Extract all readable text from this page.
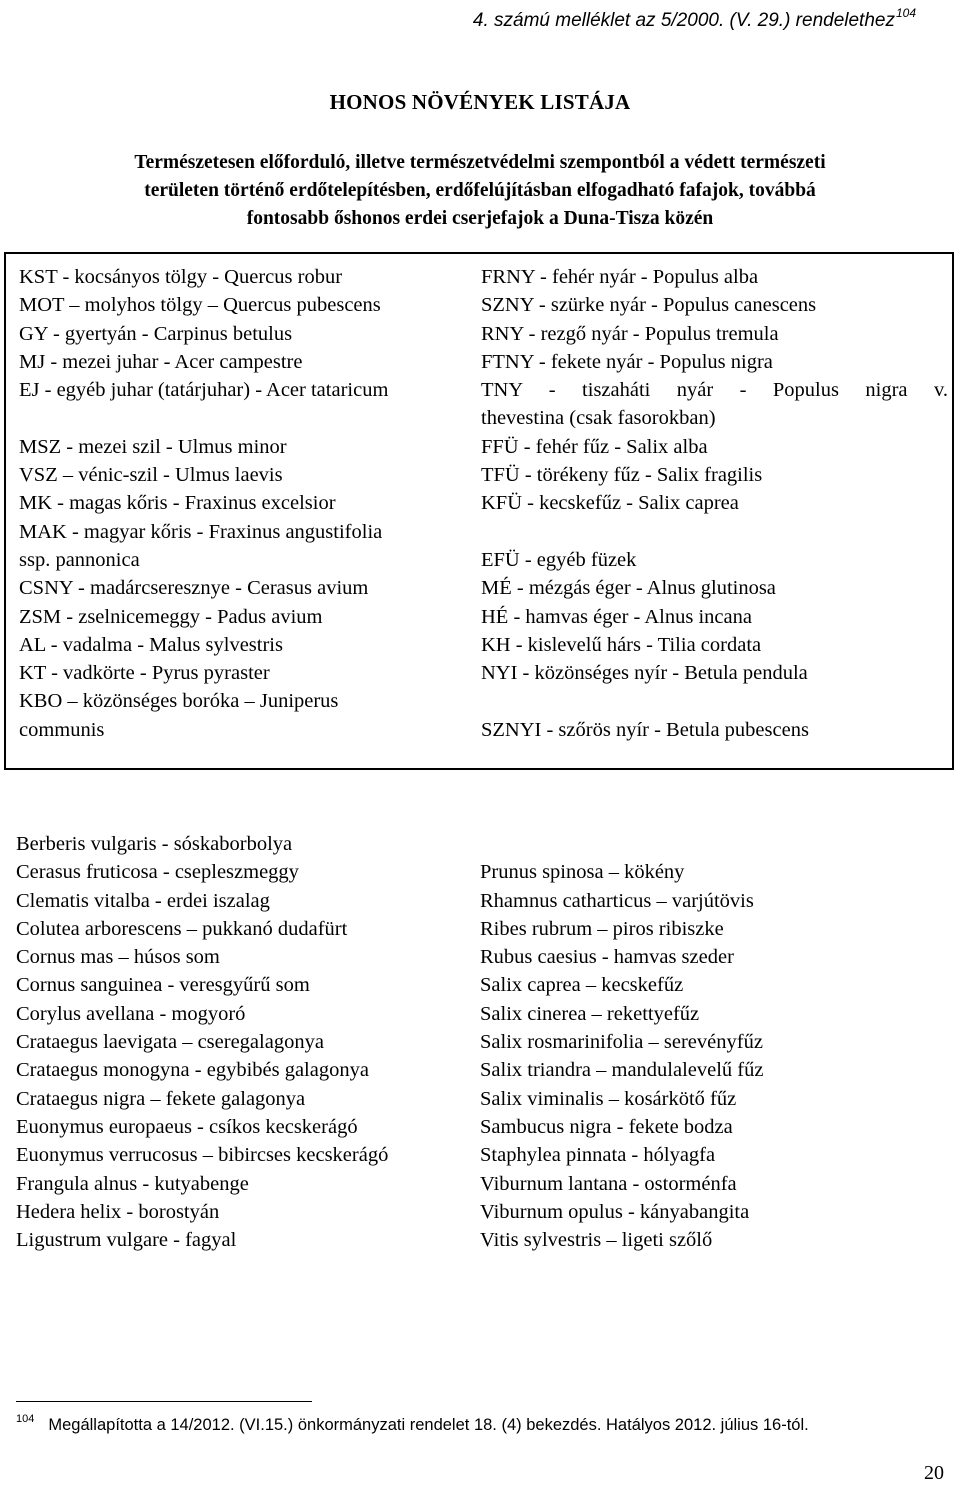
4. számú melléklet az 5/2000. (V. 29.) rendelethez$^{104}$
HONOS NÖVÉNYEK LISTÁJA
Természetesen előforduló, illetve természetvédelmi szempontból a védett természeti
területen történő erdőtelepítésben, erdőfelújításban elfogadható fafajok, továbbá
fontosabb őshonos erdei cserjefajok a Duna-Tisza közén
KST - kocsányos tölgy - Quercus robur
MOT – molyhos tölgy – Quercus pubescens
GY - gyertyán - Carpinus betulus
MJ - mezei juhar - Acer campestre
EJ - egyéb juhar (tatárjuhar) - Acer tataricum
MSZ - mezei szil - Ulmus minor
VSZ – vénic-szil - Ulmus laevis
MK - magas kőris - Fraxinus excelsior
MAK - magyar kőris - Fraxinus angustifolia
ssp. pannonica
CSNY - madárcseresznye - Cerasus avium
ZSM - zselnicemeggy - Padus avium
AL - vadalma - Malus sylvestris
KT - vadkörte - Pyrus pyraster
KBO – közönséges boróka – Juniperus
communis
FRNY - fehér nyár - Populus alba
SZNY - szürke nyár - Populus canescens
RNY - rezgő nyár - Populus tremula
FTNY - fekete nyár - Populus nigra
TNY - tiszaháti nyár - Populus nigra v.
thevestina (csak fasorokban)
FFÜ - fehér fűz - Salix alba
TFÜ - törékeny fűz - Salix fragilis
KFÜ - kecskefűz - Salix caprea
EFÜ - egyéb füzek
MÉ - mézgás éger - Alnus glutinosa
HÉ - hamvas éger - Alnus incana
KH - kislevelű hárs - Tilia cordata
NYI - közönséges nyír - Betula pendula
SZNYI - szőrös nyír - Betula pubescens
Berberis vulgaris - sóskaborbolya
Cerasus fruticosa - csepleszmeggy
Clematis vitalba - erdei iszalag
Colutea arborescens – pukkanó dudafürt
Cornus mas – húsos som
Cornus sanguinea - veresgyűrű som
Corylus avellana - mogyoró
Crataegus laevigata – cseregalagonya
Crataegus monogyna - egybibés galagonya
Crataegus nigra – fekete galagonya
Euonymus europaeus - csíkos kecskerágó
Euonymus verrucosus – bibircses kecskerágó
Frangula alnus - kutyabenge
Hedera helix - borostyán
Ligustrum vulgare - fagyal
Prunus spinosa – kökény
Rhamnus catharticus – varjútövis
Ribes rubrum – piros ribiszke
Rubus caesius - hamvas szeder
Salix caprea – kecskefűz
Salix cinerea – rekettyefűz
Salix rosmarinifolia – serevényfűz
Salix triandra – mandulalevelű fűz
Salix viminalis – kosárkötő fűz
Sambucus nigra - fekete bodza
Staphylea pinnata - hólyagfa
Viburnum lantana - ostorménfa
Viburnum opulus - kányabangita
Vitis sylvestris – ligeti szőlő
$^{104}$ Megállapította a 14/2012. (VI.15.) önkormányzati rendelet 18. (4) bekezdés. Hatályos 2012. július 16-tól.
20
